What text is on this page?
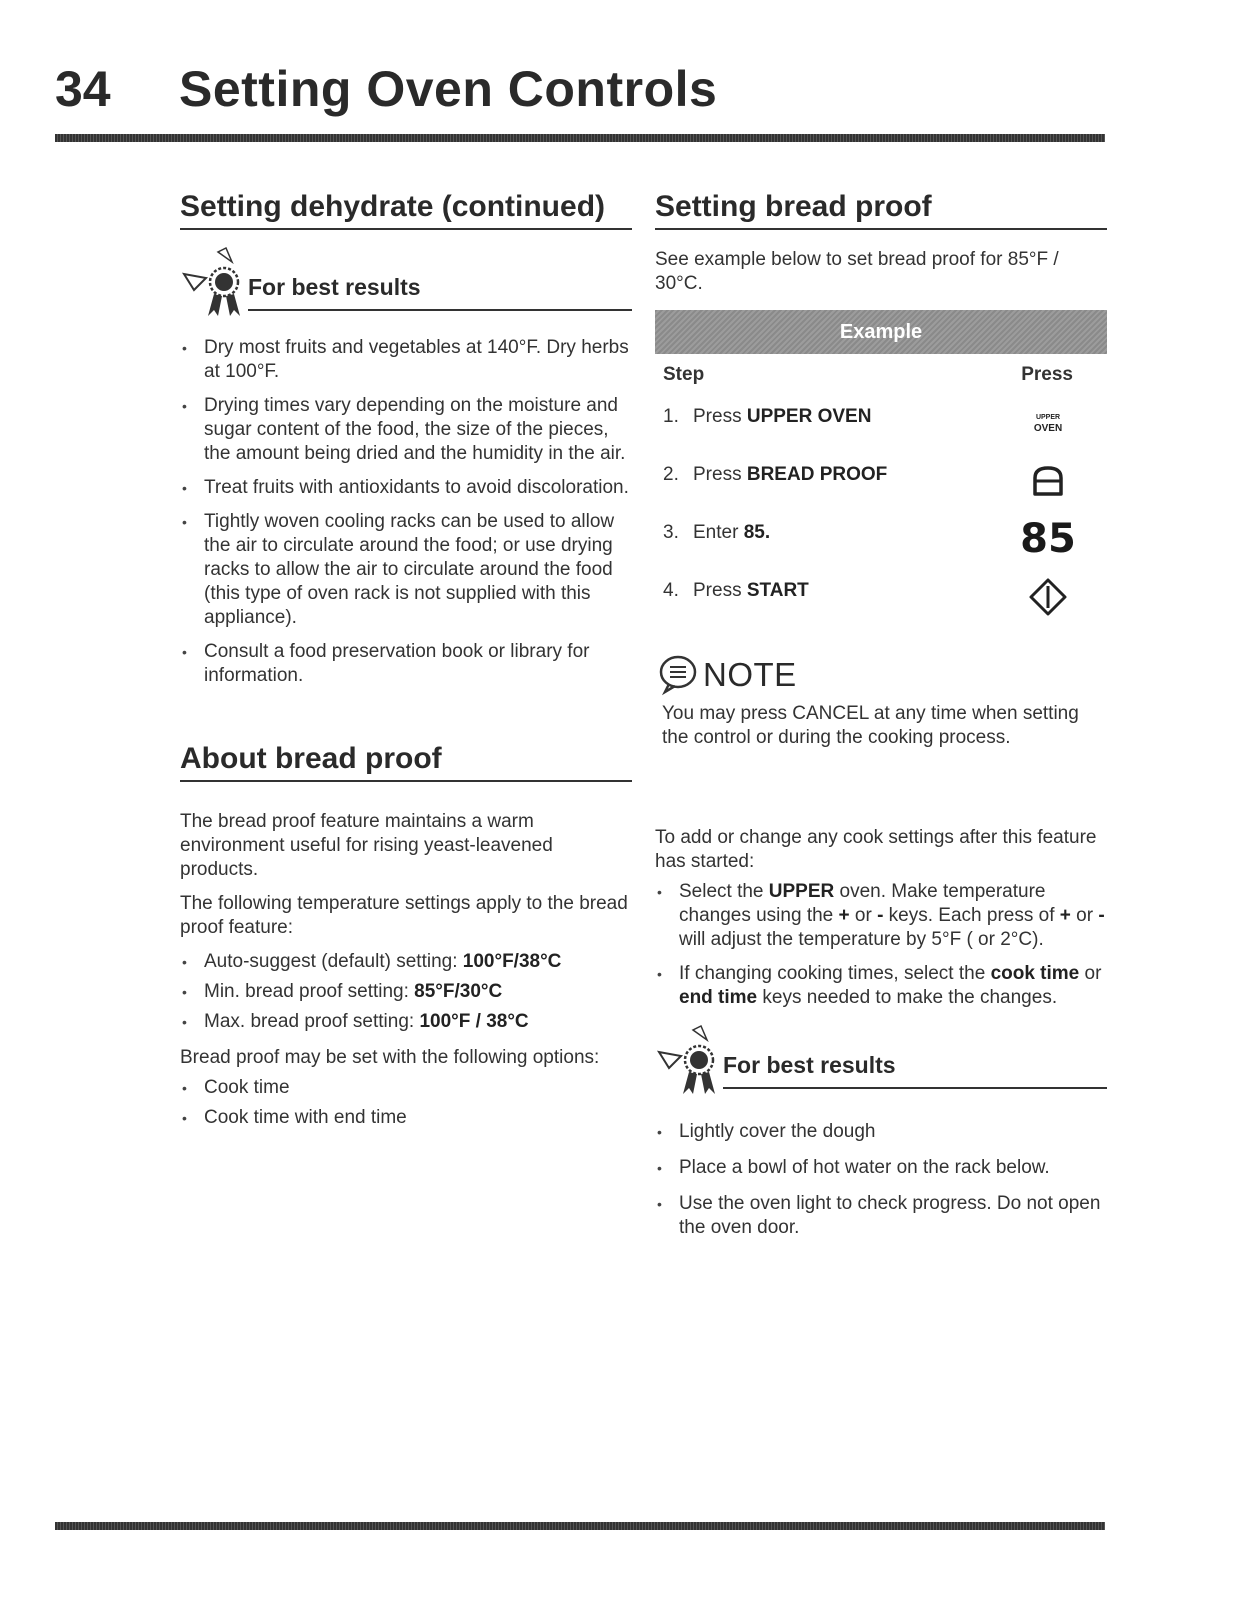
34 Setting Oven Controls
Setting dehydrate (continued)
For best results
• Dry most fruits and vegetables at 140°F. Dry herbs at 100°F.
• Drying times vary depending on the moisture and sugar content of the food, the size of the pieces, the amount being dried and the humidity in the air.
• Treat fruits with antioxidants to avoid discoloration.
• Tightly woven cooling racks can be used to allow the air to circulate around the food; or use drying racks to allow the air to circulate around the food (this type of oven rack is not supplied with this appliance).
• Consult a food preservation book or library for information.
About bread proof
The bread proof feature maintains a warm environment useful for rising yeast-leavened products.
The following temperature settings apply to the bread proof feature:
• Auto-suggest (default) setting: 100°F/38°C
• Min. bread proof setting: 85°F/30°C
• Max. bread proof setting: 100°F / 38°C
Bread proof may be set with the following options:
• Cook time
• Cook time with end time
Setting bread proof
See example below to set bread proof for 85°F / 30°C.
Example
Step	Press
1. Press UPPER OVEN	UPPER
OVEN
2. Press BREAD PROOF
3. Enter 85.	85
4. Press START
NOTE
You may press CANCEL at any time when setting the control or during the cooking process.
To add or change any cook settings after this feature has started:
• Select the UPPER oven. Make temperature changes using the + or - keys. Each press of + or - will adjust the temperature by 5°F ( or 2°C).
• If changing cooking times, select the cook time or end time keys needed to make the changes.
For best results
• Lightly cover the dough
• Place a bowl of hot water on the rack below.
• Use the oven light to check progress. Do not open the oven door.
